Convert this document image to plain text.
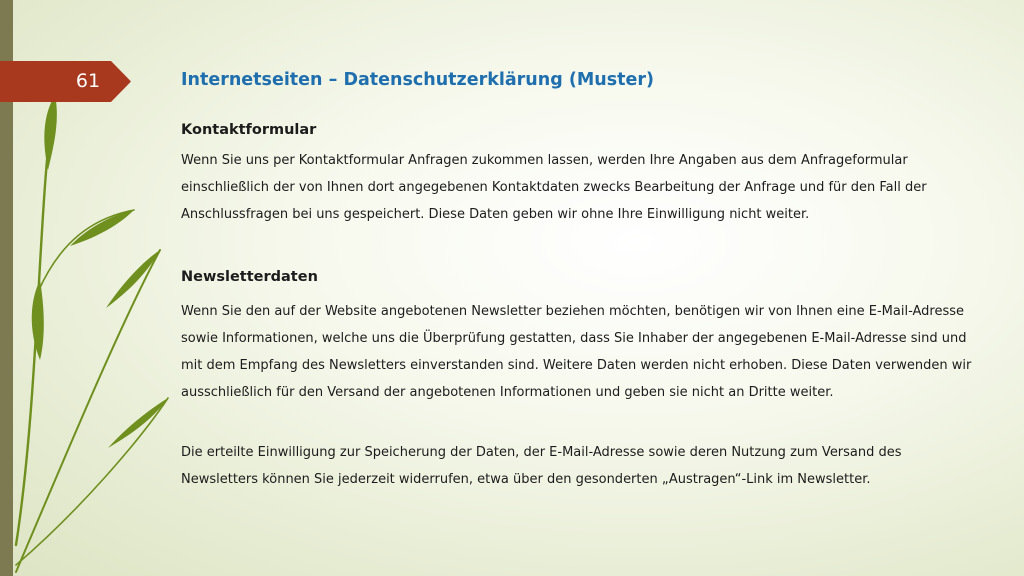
61	Internetseiten – Datenschutzerklärung (Muster)
Kontaktformular

Wenn Sie uns per Kontaktformular Anfragen zukommen lassen, werden Ihre Angaben aus dem Anfrageformular einschließlich der von Ihnen dort angegebenen Kontaktdaten zwecks Bearbeitung der Anfrage und für den Fall der Anschlussfragen bei uns gespeichert. Diese Daten geben wir ohne Ihre Einwilligung nicht weiter.

Newsletterdaten

Wenn Sie den auf der Website angebotenen Newsletter beziehen möchten, benötigen wir von Ihnen eine E-Mail-Adresse sowie Informationen, welche uns die Überprüfung gestatten, dass Sie Inhaber der angegebenen E-Mail-Adresse sind und mit dem Empfang des Newsletters einverstanden sind. Weitere Daten werden nicht erhoben. Diese Daten verwenden wir ausschließlich für den Versand der angebotenen Informationen und geben sie nicht an Dritte weiter.

Die erteilte Einwilligung zur Speicherung der Daten, der E-Mail-Adresse sowie deren Nutzung zum Versand des Newsletters können Sie jederzeit widerrufen, etwa über den gesonderten „Austragen“-Link im Newsletter.
